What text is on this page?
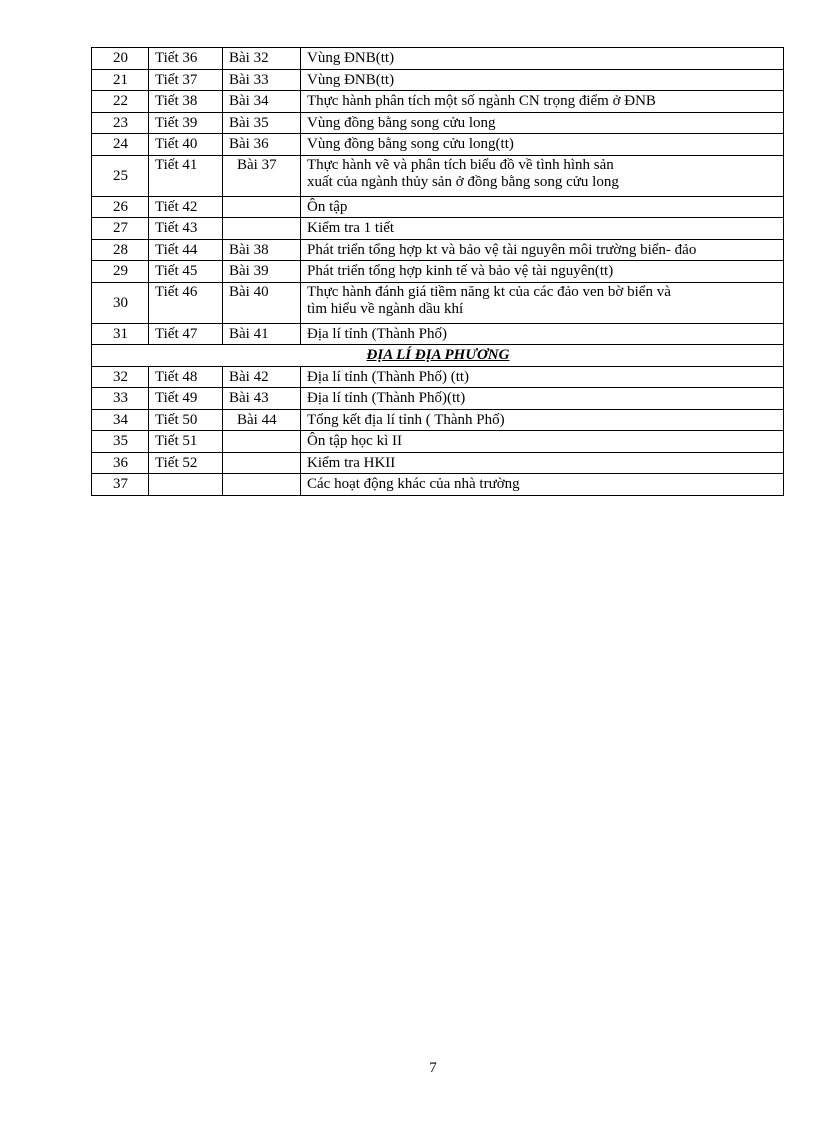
20	Tiết 36	Bài 32	Vùng ĐNB(tt)
21	Tiết 37	Bài 33	Vùng ĐNB(tt)
22	Tiết 38	Bài 34	Thực hành phân tích một số ngành CN trọng điểm ở ĐNB
23	Tiết 39	Bài 35	Vùng đồng bằng song cửu long
24	Tiết 40	Bài 36	Vùng đồng bằng song cửu long(tt)
25	Tiết 41	Bài 37	Thực hành vẽ và phân tích biểu đồ về tình hình sản
xuất của ngành thủy sản ở đồng bằng song cửu long

26	Tiết 42		Ôn tập
27	Tiết 43		Kiểm tra 1 tiết
28	Tiết 44	Bài 38	Phát triển tổng hợp kt và bảo vệ tài nguyên môi trường biển- đảo
29	Tiết 45	Bài 39	Phát triển tổng hợp kinh tế và bảo vệ tài nguyên(tt)
30	Tiết 46	Bài 40	Thực hành đánh giá tiềm năng kt của các đảo ven bờ biển và
tìm hiểu về ngành dầu khí

31	Tiết 47	Bài 41	Địa lí tỉnh (Thành Phố)
ĐỊA LÍ ĐỊA PHƯƠNG			
32	Tiết 48	Bài 42	Địa lí tỉnh (Thành Phố) (tt)
33	Tiết 49	Bài 43	Địa lí tỉnh (Thành Phố)(tt)
34	Tiết 50	Bài 44	Tổng kết địa lí tỉnh ( Thành Phố)
35	Tiết 51		Ôn tập học kì II
36	Tiết 52		Kiểm tra HKII
37			Các hoạt động khác của nhà trường
7
